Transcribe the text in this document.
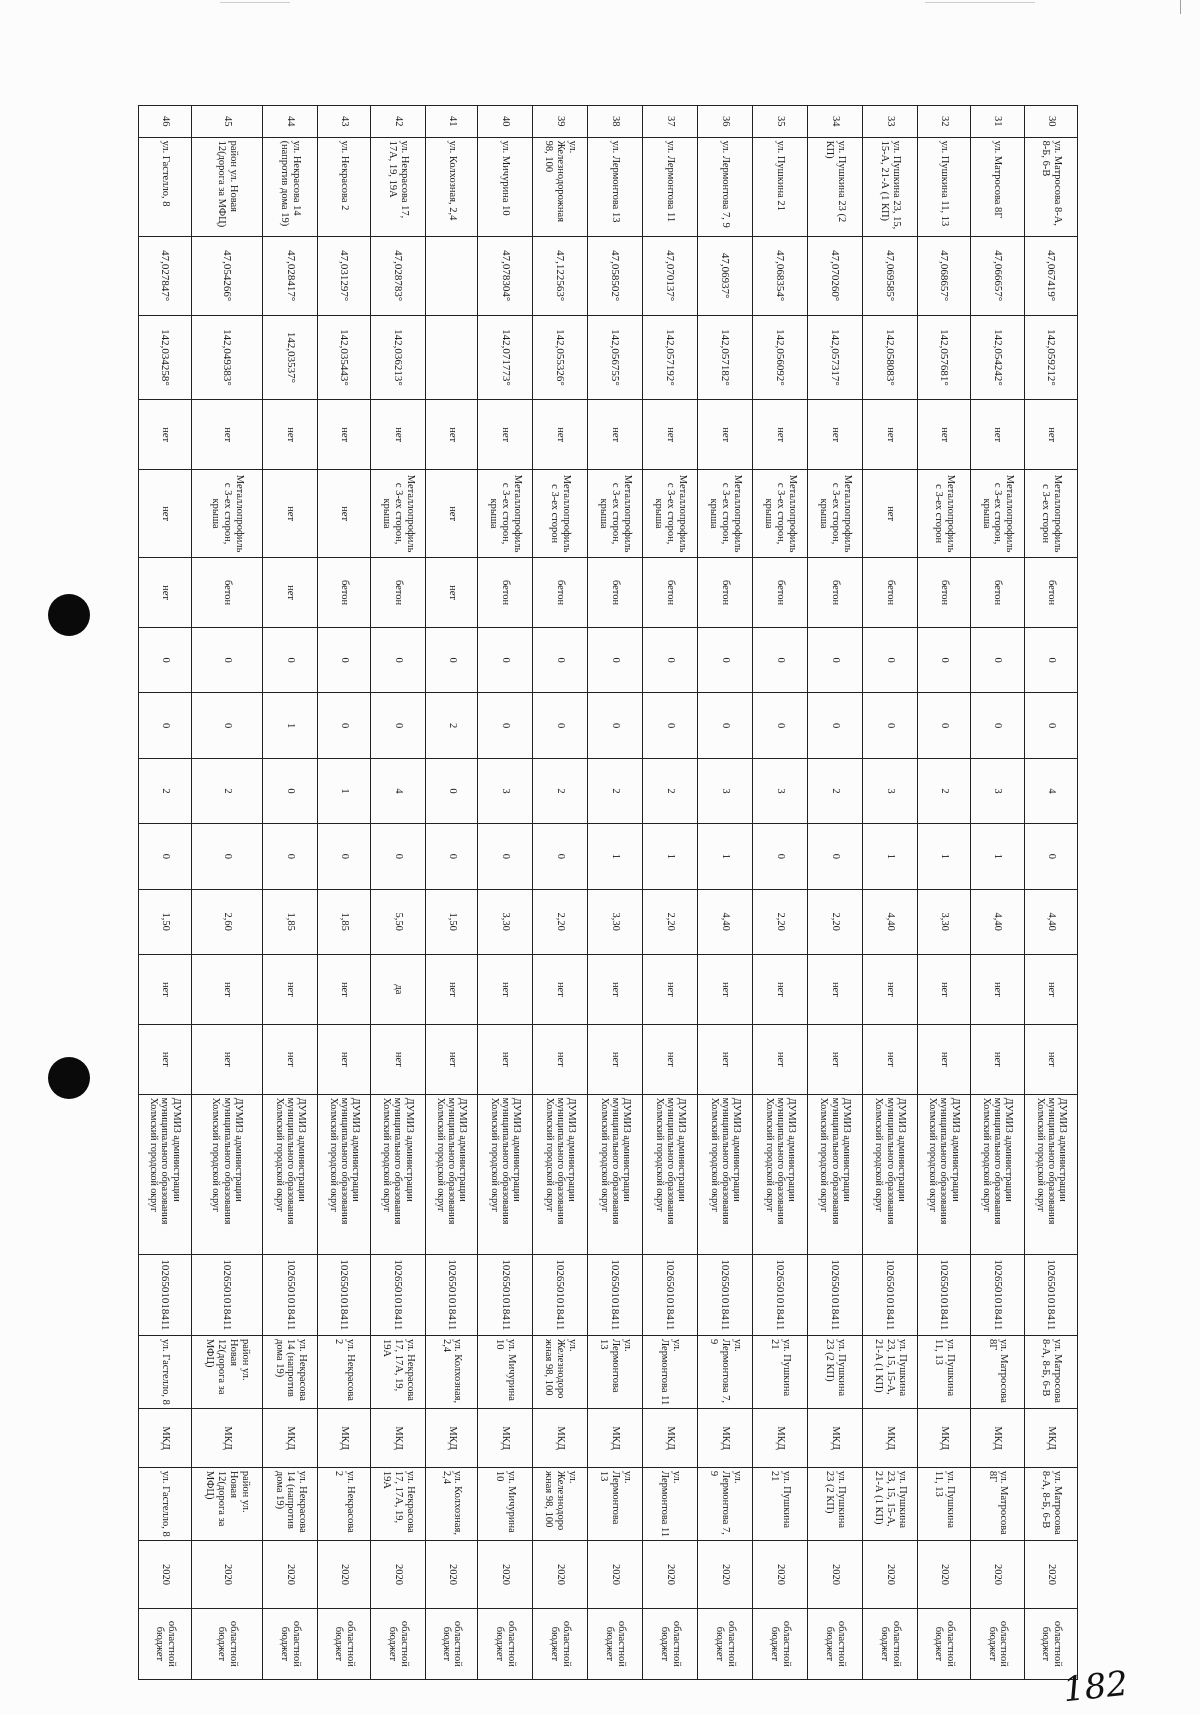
30	ул. Матросова 8-А, 8-Б, 6-В	47,067419°	142,059212°	нет	Металлопрофиль с 3-ех сторон	бетон	0	0	4	0	4,40	нет	нет	ДУМИЗ администрации муниципального образования Холмский городской округ	1026501018411	ул. Матросова 8-А, 8-Б, 6-В	МКД	ул. Матросова 8-А, 8-Б, 6-В	2020	областной бюджет
31	ул. Матросова 8Г	47,066657°	142,054242°	нет	Металлопрофиль с 3-ех сторон, крыша	бетон	0	0	3	1	4,40	нет	нет	ДУМИЗ администрации муниципального образования Холмский городской округ	1026501018411	ул. Матросова 8Г	МКД	ул. Матросова 8Г	2020	областной бюджет
32	ул. Пушкина 11, 13	47,068657°	142,057681°	нет	Металлопрофиль с 3-ех сторон	бетон	0	0	2	1	3,30	нет	нет	ДУМИЗ администрации муниципального образования Холмский городской округ	1026501018411	ул. Пушкина 11, 13	МКД	ул. Пушкина 11, 13	2020	областной бюджет
33	ул. Пушкина 23, 15, 15-А, 21-А (1 КП)	47,069585°	142,058083°	нет	нет	бетон	0	0	3	1	4,40	нет	нет	ДУМИЗ администрации муниципального образования Холмский городской округ	1026501018411	ул. Пушкина 23, 15, 15-А, 21-А (1 КП)	МКД	ул. Пушкина 23, 15, 15-А, 21-А (1 КП)	2020	областной бюджет
34	ул. Пушкина 23 (2 КП)	47,070260°	142,057317°	нет	Металлопрофиль с 3-ех сторон, крыша	бетон	0	0	2	0	2,20	нет	нет	ДУМИЗ администрации муниципального образования Холмский городской округ	1026501018411	ул. Пушкина 23 (2 КП)	МКД	ул. Пушкина 23 (2 КП)	2020	областной бюджет
35	ул. Пушкина 21	47,068354°	142,056092°	нет	Металлопрофиль с 3-ех сторон, крыша	бетон	0	0	3	0	2,20	нет	нет	ДУМИЗ администрации муниципального образования Холмский городской округ	1026501018411	ул. Пушкина 21	МКД	ул. Пушкина 21	2020	областной бюджет
36	ул. Лермонтова 7, 9	47,06937°	142,057182°	нет	Металлопрофиль с 3-ех сторон, крыша	бетон	0	0	3	1	4,40	нет	нет	ДУМИЗ администрации муниципального образования Холмский городской округ	1026501018411	ул. Лермонтова 7, 9	МКД	ул. Лермонтова 7, 9	2020	областной бюджет
37	ул. Лермонтова 11	47,070137°	142,057192°	нет	Металлопрофиль с 3-ех сторон, крыша	бетон	0	0	2	1	2,20	нет	нет	ДУМИЗ администрации муниципального образования Холмский городской округ	1026501018411	ул. Лермонтова 11	МКД	ул. Лермонтова 11	2020	областной бюджет
38	ул. Лермонтова 13	47,058502°	142,056755°	нет	Металлопрофиль с 3-ех сторон, крыша	бетон	0	0	2	1	3,30	нет	нет	ДУМИЗ администрации муниципального образования Холмский городской округ	1026501018411	ул. Лермонтова 13	МКД	ул. Лермонтова 13	2020	областной бюджет
39	ул. Железнодорожная 98, 100	47,122563°	142,055326°	нет	Металлопрофиль с 3-ех сторон	бетон	0	0	2	0	2,20	нет	нет	ДУМИЗ администрации муниципального образования Холмский городской округ	1026501018411	ул. Железнодорожная 98, 100	МКД	ул. Железнодорожная 98, 100	2020	областной бюджет
40	ул. Мичурина 10	47,078304°	142,071773°	нет	Металлопрофиль с 3-ех сторон, крыша	бетон	0	0	3	0	3,30	нет	нет	ДУМИЗ администрации муниципального образования Холмский городской округ	1026501018411	ул. Мичурина 10	МКД	ул. Мичурина 10	2020	областной бюджет
41	ул. Колхозная, 2,4			нет	нет	нет	0	2	0	0	1,50	нет	нет	ДУМИЗ администрации муниципального образования Холмский городской округ	1026501018411	ул. Колхозная, 2,4	МКД	ул. Колхозная, 2,4	2020	областной бюджет
42	ул. Некрасова 17, 17А, 19, 19А	47,028783°	142,036213°	нет	Металлопрофиль с 3-ех сторон, крыша	бетон	0	0	4	0	5,50	да	нет	ДУМИЗ администрации муниципального образования Холмский городской округ	1026501018411	ул. Некрасова 17, 17А, 19, 19А	МКД	ул. Некрасова 17, 17А, 19, 19А	2020	областной бюджет
43	ул. Некрасова 2	47,031297°	142,035443°	нет	нет	бетон	0	0	1	0	1,85	нет	нет	ДУМИЗ администрации муниципального образования Холмский городской округ	1026501018411	ул. Некрасова 2	МКД	ул. Некрасова 2	2020	областной бюджет
44	ул. Некрасова 14 (напротив дома 19)	47,028417°	142,03537°	нет	нет	нет	0	1	0	0	1,85	нет	нет	ДУМИЗ администрации муниципального образования Холмский городской округ	1026501018411	ул. Некрасова 14 (напротив дома 19)	МКД	ул. Некрасова 14 (напротив дома 19)	2020	областной бюджет
45	район ул. Новая 12(дорога за МФЦ)	47,054266°	142,049383°	нет	Металлопрофиль с 3-ех сторон, крыша	бетон	0	0	2	0	2,60	нет	нет	ДУМИЗ администрации муниципального образования Холмский городской округ	1026501018411	район ул. Новая 12(дорога за МФЦ)	МКД	район ул. Новая 12(дорога за МФЦ)	2020	областной бюджет
46	ул. Гастелло, 8	47,027847°	142,034258°	нет	нет	нет	0	0	2	0	1,50	нет	нет	ДУМИЗ администрации муниципального образования Холмский городской округ	1026501018411	ул. Гастелло, 8	МКД	ул. Гастелло, 8	2020	областной бюджет
182
